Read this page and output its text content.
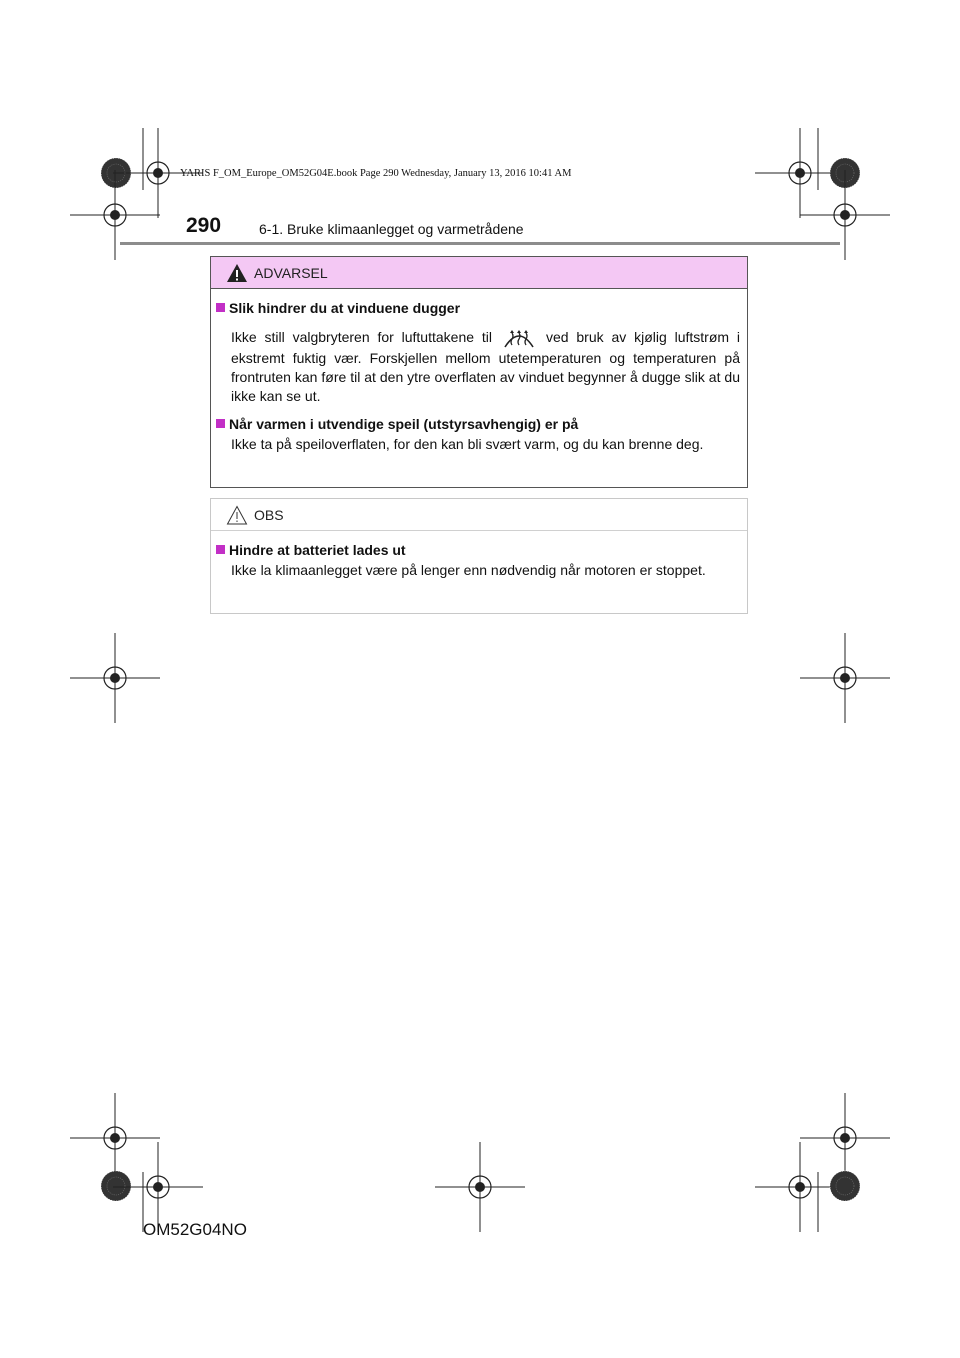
YARIS F_OM_Europe_OM52G04E.book Page 290 Wednesday, January 13, 2016 10:41 AM
290	6-1. Bruke klimaanlegget og varmetrådene
ADVARSEL
Slik hindrer du at vinduene dugger
Ikke still valgbryteren for luftuttakene til	ved bruk av kjølig luftstrøm i ekstremt fuktig vær. Forskjellen mellom utetemperaturen og temperaturen på frontruten kan føre til at den ytre overflaten av vinduet begynner å dugge slik at du ikke kan se ut.
Når varmen i utvendige speil (utstyrsavhengig) er på
Ikke ta på speiloverflaten, for den kan bli svært varm, og du kan brenne deg.
OBS
Hindre at batteriet lades ut
Ikke la klimaanlegget være på lenger enn nødvendig når motoren er stoppet.
OM52G04NO
